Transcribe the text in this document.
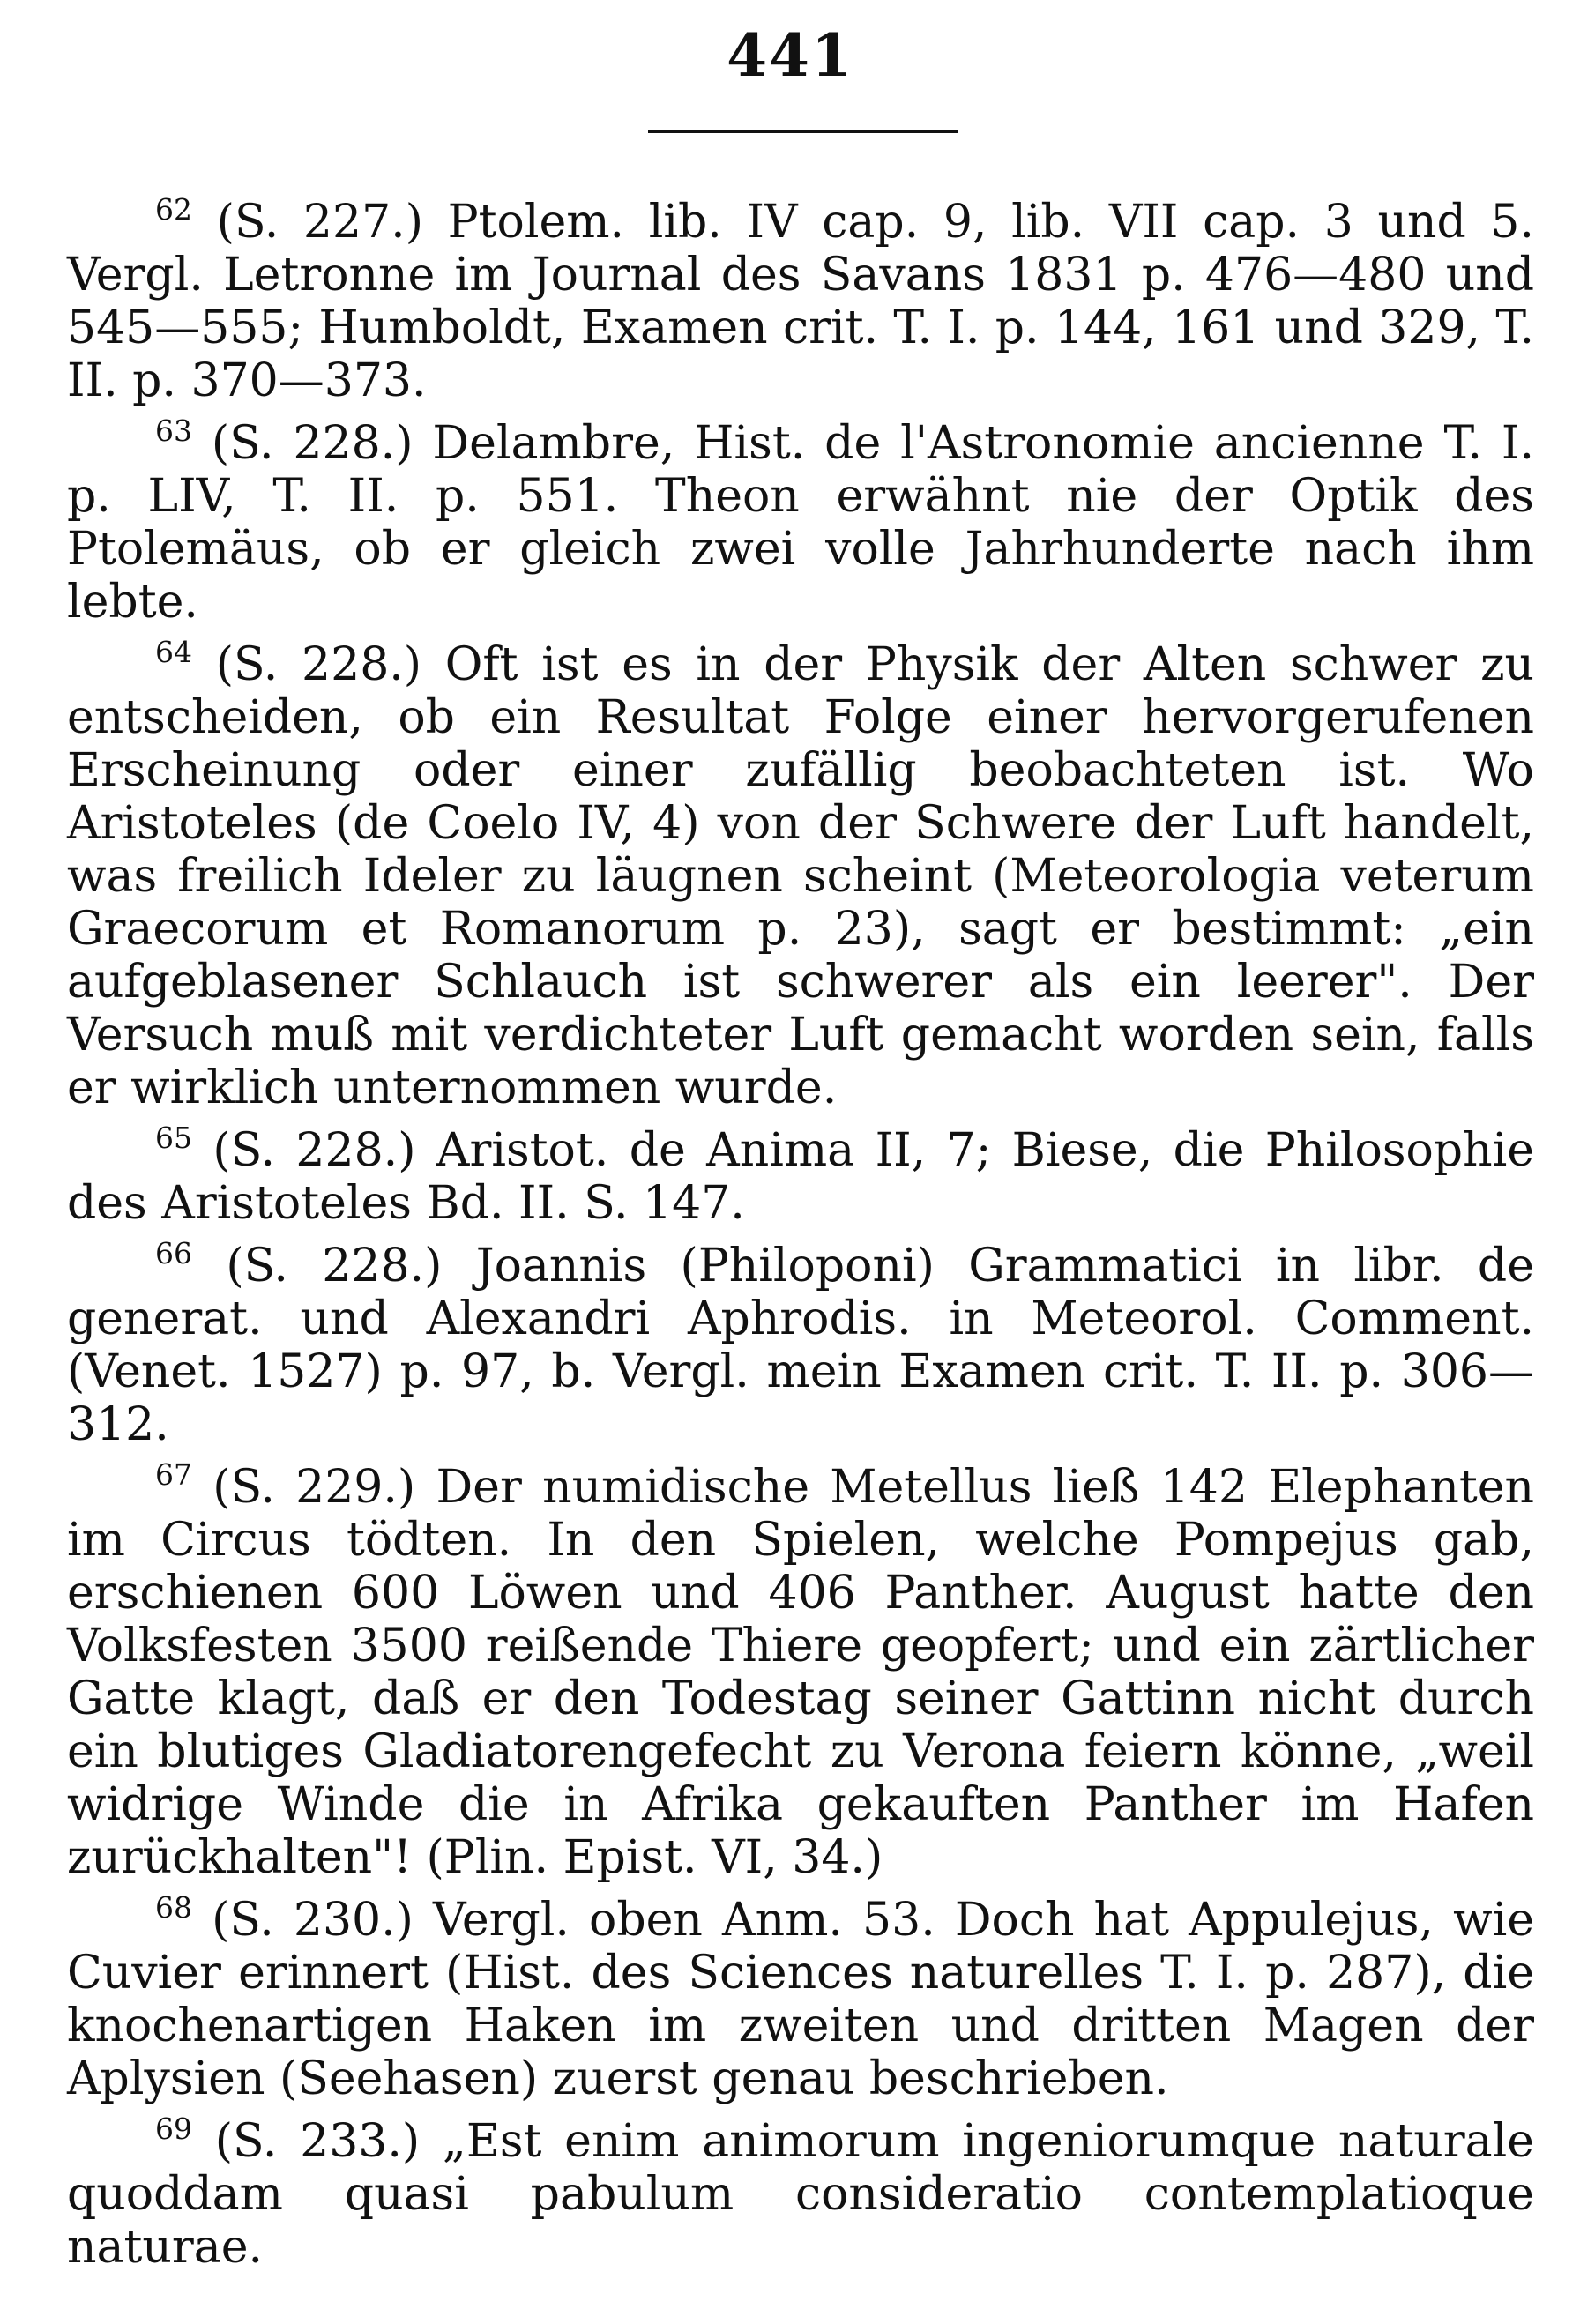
441

$^{62}$ (S. 227.) Ptolem. lib. IV cap. 9, lib. VII cap. 3 und 5. Vergl. Letronne im Journal des Savans 1831 p. 476—480 und 545—555; Humboldt, Examen crit. T. I. p. 144, 161 und 329, T. II. p. 370—373.

$^{63}$ (S. 228.) Delambre, Hist. de l'Astronomie ancienne T. I. p. LIV, T. II. p. 551. Theon erwähnt nie der Optik des Ptolemäus, ob er gleich zwei volle Jahrhunderte nach ihm lebte.

$^{64}$ (S. 228.) Oft ist es in der Physik der Alten schwer zu entscheiden, ob ein Resultat Folge einer hervorgerufenen Erscheinung oder einer zufällig beobachteten ist. Wo Aristoteles (de Coelo IV, 4) von der Schwere der Luft handelt, was freilich Ideler zu läugnen scheint (Meteorologia veterum Graecorum et Romanorum p. 23), sagt er bestimmt: „ein aufgeblasener Schlauch ist schwerer als ein leerer". Der Versuch muß mit verdichteter Luft gemacht worden sein, falls er wirklich unternommen wurde.

$^{65}$ (S. 228.) Aristot. de Anima II, 7; Biese, die Philosophie des Aristoteles Bd. II. S. 147.

$^{66}$ (S. 228.) Joannis (Philoponi) Grammatici in libr. de generat. und Alexandri Aphrodis. in Meteorol. Comment. (Venet. 1527) p. 97, b. Vergl. mein Examen crit. T. II. p. 306—312.

$^{67}$ (S. 229.) Der numidische Metellus ließ 142 Elephanten im Circus tödten. In den Spielen, welche Pompejus gab, erschienen 600 Löwen und 406 Panther. August hatte den Volksfesten 3500 reißende Thiere geopfert; und ein zärtlicher Gatte klagt, daß er den Todestag seiner Gattinn nicht durch ein blutiges Gladiatorengefecht zu Verona feiern könne, „weil widrige Winde die in Afrika gekauften Panther im Hafen zurückhalten"! (Plin. Epist. VI, 34.)

$^{68}$ (S. 230.) Vergl. oben Anm. 53. Doch hat Appulejus, wie Cuvier erinnert (Hist. des Sciences naturelles T. I. p. 287), die knochenartigen Haken im zweiten und dritten Magen der Aplysien (Seehasen) zuerst genau beschrieben.

$^{69}$ (S. 233.) „Est enim animorum ingeniorumque naturale quoddam quasi pabulum consideratio contemplatioque naturae.
